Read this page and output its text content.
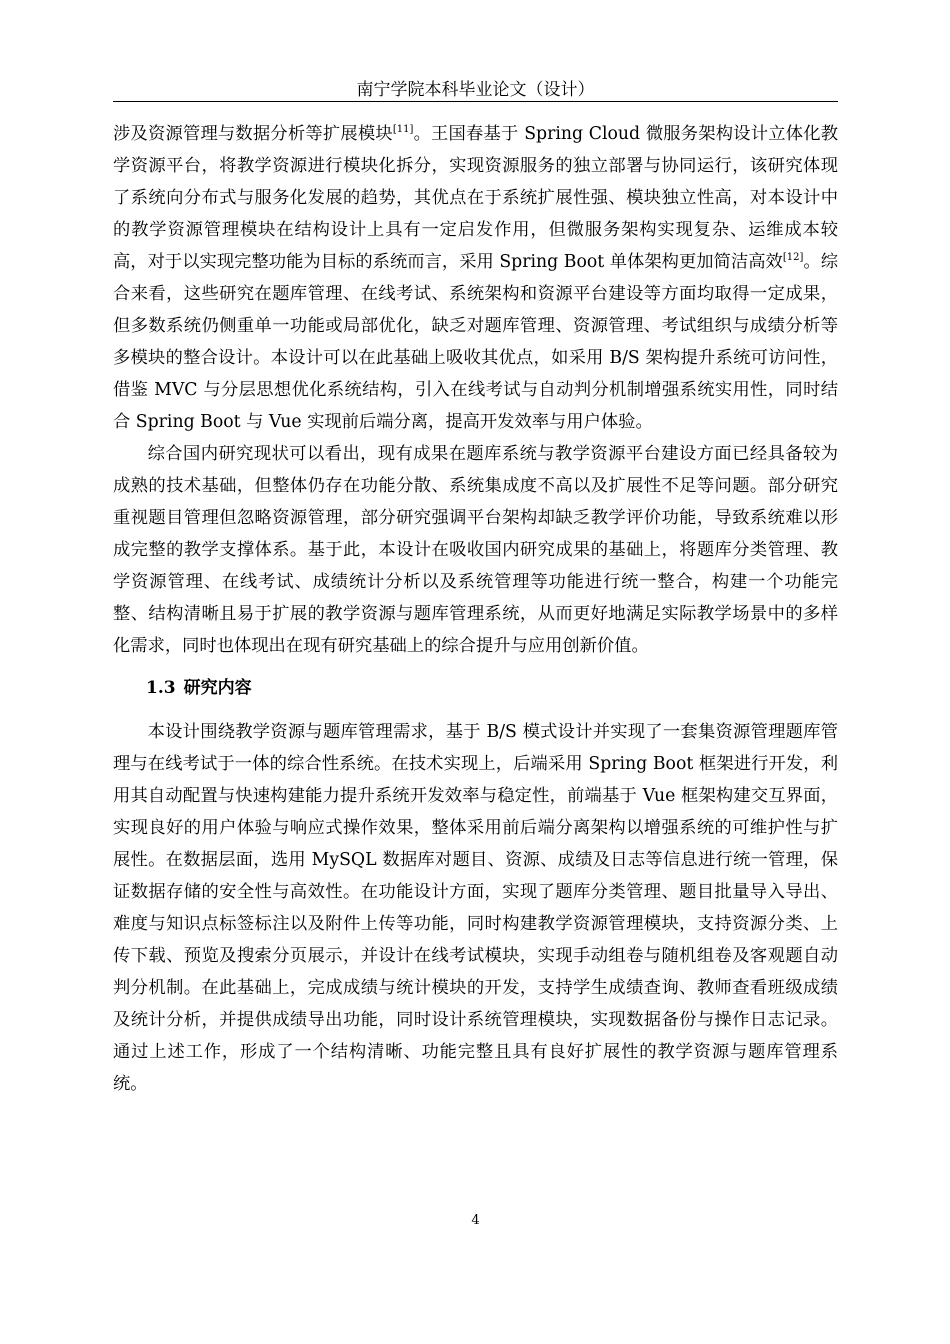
南宁学院本科毕业论文（设计）

涉及资源管理与数据分析等扩展模块[11]。王国春基于 Spring Cloud 微服务架构设计立体化教学资源平台，将教学资源进行模块化拆分，实现资源服务的独立部署与协同运行，该研究体现了系统向分布式与服务化发展的趋势，其优点在于系统扩展性强、模块独立性高，对本设计中的教学资源管理模块在结构设计上具有一定启发作用，但微服务架构实现复杂、运维成本较高，对于以实现完整功能为目标的系统而言，采用 Spring Boot 单体架构更加简洁高效[12]。综合来看，这些研究在题库管理、在线考试、系统架构和资源平台建设等方面均取得一定成果，但多数系统仍侧重单一功能或局部优化，缺乏对题库管理、资源管理、考试组织与成绩分析等多模块的整合设计。本设计可以在此基础上吸收其优点，如采用 B/S 架构提升系统可访问性，借鉴 MVC 与分层思想优化系统结构，引入在线考试与自动判分机制增强系统实用性，同时结合 Spring Boot 与 Vue 实现前后端分离，提高开发效率与用户体验。

综合国内研究现状可以看出，现有成果在题库系统与教学资源平台建设方面已经具备较为成熟的技术基础，但整体仍存在功能分散、系统集成度不高以及扩展性不足等问题。部分研究重视题目管理但忽略资源管理，部分研究强调平台架构却缺乏教学评价功能，导致系统难以形成完整的教学支撑体系。基于此，本设计在吸收国内研究成果的基础上，将题库分类管理、教学资源管理、在线考试、成绩统计分析以及系统管理等功能进行统一整合，构建一个功能完整、结构清晰且易于扩展的教学资源与题库管理系统，从而更好地满足实际教学场景中的多样化需求，同时也体现出在现有研究基础上的综合提升与应用创新价值。

1.3 研究内容

本设计围绕教学资源与题库管理需求，基于 B/S 模式设计并实现了一套集资源管理题库管理与在线考试于一体的综合性系统。在技术实现上，后端采用 Spring Boot 框架进行开发，利用其自动配置与快速构建能力提升系统开发效率与稳定性，前端基于 Vue 框架构建交互界面，实现良好的用户体验与响应式操作效果，整体采用前后端分离架构以增强系统的可维护性与扩展性。在数据层面，选用 MySQL 数据库对题目、资源、成绩及日志等信息进行统一管理，保证数据存储的安全性与高效性。在功能设计方面，实现了题库分类管理、题目批量导入导出、难度与知识点标签标注以及附件上传等功能，同时构建教学资源管理模块，支持资源分类、上传下载、预览及搜索分页展示，并设计在线考试模块，实现手动组卷与随机组卷及客观题自动判分机制。在此基础上，完成成绩与统计模块的开发，支持学生成绩查询、教师查看班级成绩及统计分析，并提供成绩导出功能，同时设计系统管理模块，实现数据备份与操作日志记录。通过上述工作，形成了一个结构清晰、功能完整且具有良好扩展性的教学资源与题库管理系统。

4
